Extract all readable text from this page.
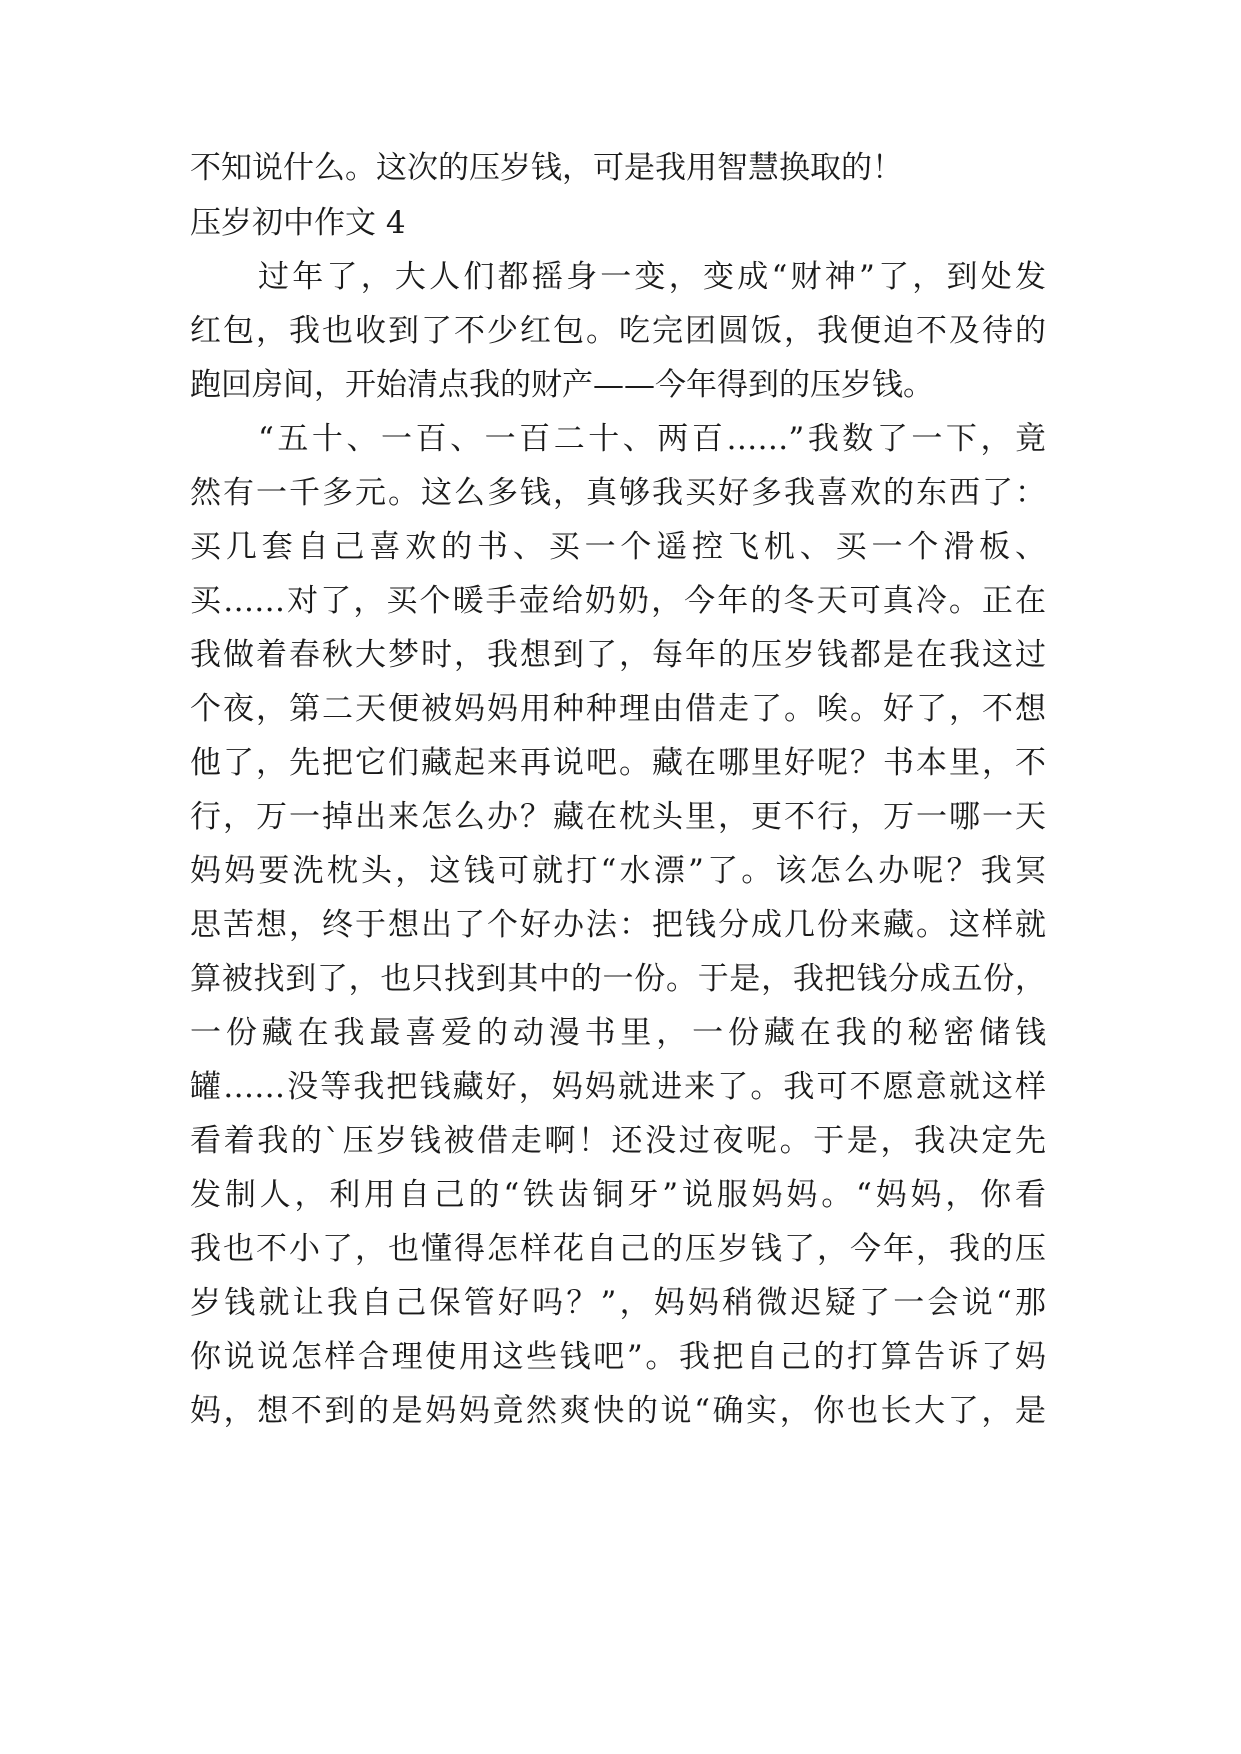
不知说什么。这次的压岁钱，可是我用智慧换取的！

压岁初中作文 4

过年了，大人们都摇身一变，变成“财神”了，到处发

红包，我也收到了不少红包。吃完团圆饭，我便迫不及待的

跑回房间，开始清点我的财产——今年得到的压岁钱。

“五十、一百、一百二十、两百……”我数了一下，竟

然有一千多元。这么多钱，真够我买好多我喜欢的东西了：

买几套自己喜欢的书、买一个遥控飞机、买一个滑板、

买……对了，买个暖手壶给奶奶，今年的冬天可真冷。正在

我做着春秋大梦时，我想到了，每年的压岁钱都是在我这过

个夜，第二天便被妈妈用种种理由借走了。唉。好了，不想

他了，先把它们藏起来再说吧。藏在哪里好呢？书本里，不

行，万一掉出来怎么办？藏在枕头里，更不行，万一哪一天

妈妈要洗枕头，这钱可就打“水漂”了。该怎么办呢？我冥

思苦想，终于想出了个好办法：把钱分成几份来藏。这样就

算被找到了，也只找到其中的一份。于是，我把钱分成五份，

一份藏在我最喜爱的动漫书里，一份藏在我的秘密储钱

罐……没等我把钱藏好，妈妈就进来了。我可不愿意就这样

看着我的`压岁钱被借走啊！还没过夜呢。于是，我决定先

发制人，利用自己的“铁齿铜牙”说服妈妈。“妈妈，你看

我也不小了，也懂得怎样花自己的压岁钱了，今年，我的压

岁钱就让我自己保管好吗？”，妈妈稍微迟疑了一会说“那

你说说怎样合理使用这些钱吧”。我把自己的打算告诉了妈

妈，想不到的是妈妈竟然爽快的说“确实，你也长大了，是
